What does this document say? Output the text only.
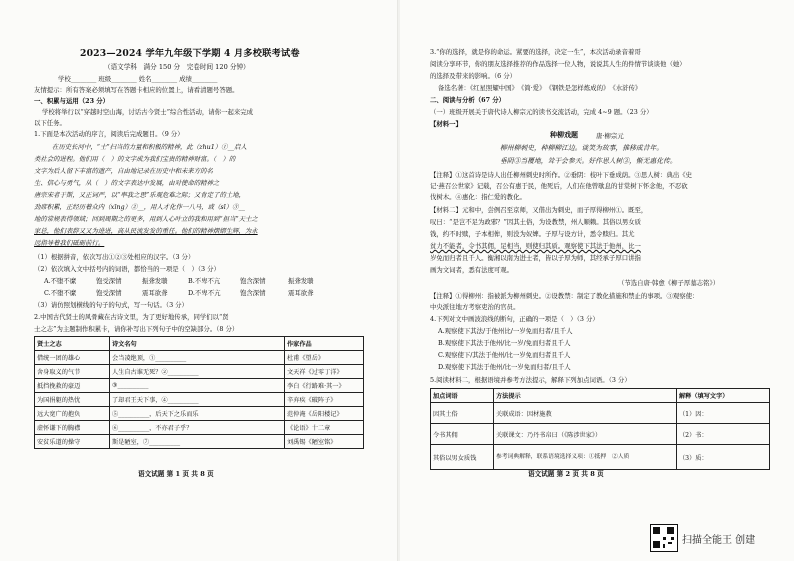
2023—2024 学年九年级下学期 4 月多校联考试卷
（语文学科　满分 150 分　完卷时间 120 分钟）
学校________ 班级________ 姓名________ 成绩________
友情提示：所有答案必须填写在答题卡相应的位置上，请看清题号答题。
一、积累与运用（23 分）
学校将举行以“穿越时空山海，讨话古今贤士”综合性活动，请你一起来完成
以下任务。
1.下面是本次活动的序言，阅读后完成题目。（9 分）
在历史长河中，“士”扫当的力量和积极的精神，此（zhu1）①__启人
类社会的进程。他们用（　）的文字成为我们宝贵的精神财富。（　）的
文字为后人留下丰富的遗产，自由地记录在历史中和未来方的名
生、信心与勇气，从（　）的文字表达中发展，由对使命的精神之
唐宗宋者于斯，又正词严，以“率我之思”乐观危难之际；又肯定了的土地，
劲席积累，正经历着众内（xīng）②__，用人才化作一八马，或（sī）③__
地的常规表得领域；回到周期之的更多，用到人心叶立的我和用到“担当”天士之
家总，他们表辞又又为进进，高从民流发发的重任。他们的精神熠熠生辉，为永
远指导着我们砥砺前行。
（1）根据拼音，依次写出①②③处相应的汉字。（3 分）
（2）依次填入文中括号内的词语，都恰当的一项是（　）（3 分）
A.不堕不縻	饱受深情	振聋发聩	B.不卑不亢	饱含深情	振聋发聩
C.不堕不縻	饱受深情	震耳欲聋	D.不卑不亢	饱含深情	震耳欲聋
（3）请仿照划横线的句子的句式，写一句话。（3 分）
2.中国古代贤士的风骨藏在古诗文里，为了更好地传承，同学们以“贤
士之志”为主题制作积累卡，请你补写出下列句子中的空缺部分。（8 分）
贤士之志	诗文名句	作家作品
借统一团的雄心	会当凌绝顶，①__________	杜甫《望岳》
舍身取义的气节	人生自古谁无死？②__________	文天祥《过零丁洋》
抵挡挽救的豪迈	③__________	李白《行路难·其一》
为国捐躯的热忧	了却君王天下事，④__________	辛弃疾《破阵子》
远大宽广的抱负	⑤__________，后天下之乐而乐	范仲淹《岳阳楼记》
虚怀谦下的胸襟	⑥__________，不亦君子乎？	《论语》十二章
安贫乐道的操守	斯是陋室，⑦__________	刘禹锡《陋室铭》
语文试题 第 1 页 共 8 页
3.“你的选择，就是你的命运。紧要的选择，决定一生”，本次活动录音着哥
阅读分享环节，你的朋友选择推荐的作品选择一位人物，说说其人生的件情节谈谈他（她）
的选择及带来的影响。（6 分）
备选名著：《红星照耀中国》　《简·爱》　《钢铁是怎样炼成的》　《水浒传》
二、阅读与分析（67 分）
（一）班级开展关于唐代诗人柳宗元的读书交流活动，完成 4~9 题。（23 分）
【材料一】
种柳戏题	唐·柳宗元
柳州柳刺史，种柳柳江边。谈笑为故事，推移成昔年。
垂阴③当覆地，耸干会参天。好作思人树③，惭无惠化传。
【注释】①这首诗是诗人出任柳州刺史时所作。②垂阴：枝叶下垂成荫。③思人树：典出《史
记·燕召公世家》记载，召公有惠于民，他死后，人们在他曾歇息的甘棠树下怀念他，不忍砍
伐树木。④惠化：指仁爱的教化。
【材料二】元和中，尝例召至京师，又偕出为刺史，而子厚得柳州①。既至，
叹曰：“是岂不足为政邪？”因其土俗，为设教禁，州人顺赖。其俗以男女质
钱，约不时赎，子本相侔，则没为奴婢。子厚与设方计，悉令赎归。其尤
贫力不能者，令书其佣，足相当，则使归其质。观察使下其法于他州，比一
岁免而归者且千人。衡湘以南为进士者，皆以子厚为师，其经承子厚口讲指
画为文词者，悉有法度可观。
（节选自唐·韩愈《柳子厚墓志铭》）
【注释】①得柳州：指被派为柳州刺史。②设教禁：制定了教化措施和禁止的事项。③观察使：
中央派往地方考察吏治的官员。
4.下列对文中画波浪线的断句，正确的一项是（　）（3 分）
A.观察使下其法/于他州比/一岁免而归者/且千人
B.观察使下其法于他州/比一岁/免而归者且千人
C.观察使下/其法于他州/比一岁免而归者且千人
D.观察使下其法于他州/比一岁免而归者/且千人
5.阅读材料二，根据语境并参考方法提示，解释下列加点词语。（3 分）
加点词语	方法提示	解释（填写文字）
因其土俗	关联成语：因材施教	（1）因：
令书其佣	关联课文：乃丹书帛曰（《陈涉世家》）	（2）书：
其俗以男女质钱	参考词典解释，联系语境选择义项：①抵押　②人质	（3）质：
语文试题 第 2 页 共 8 页
扫描全能王 创建
